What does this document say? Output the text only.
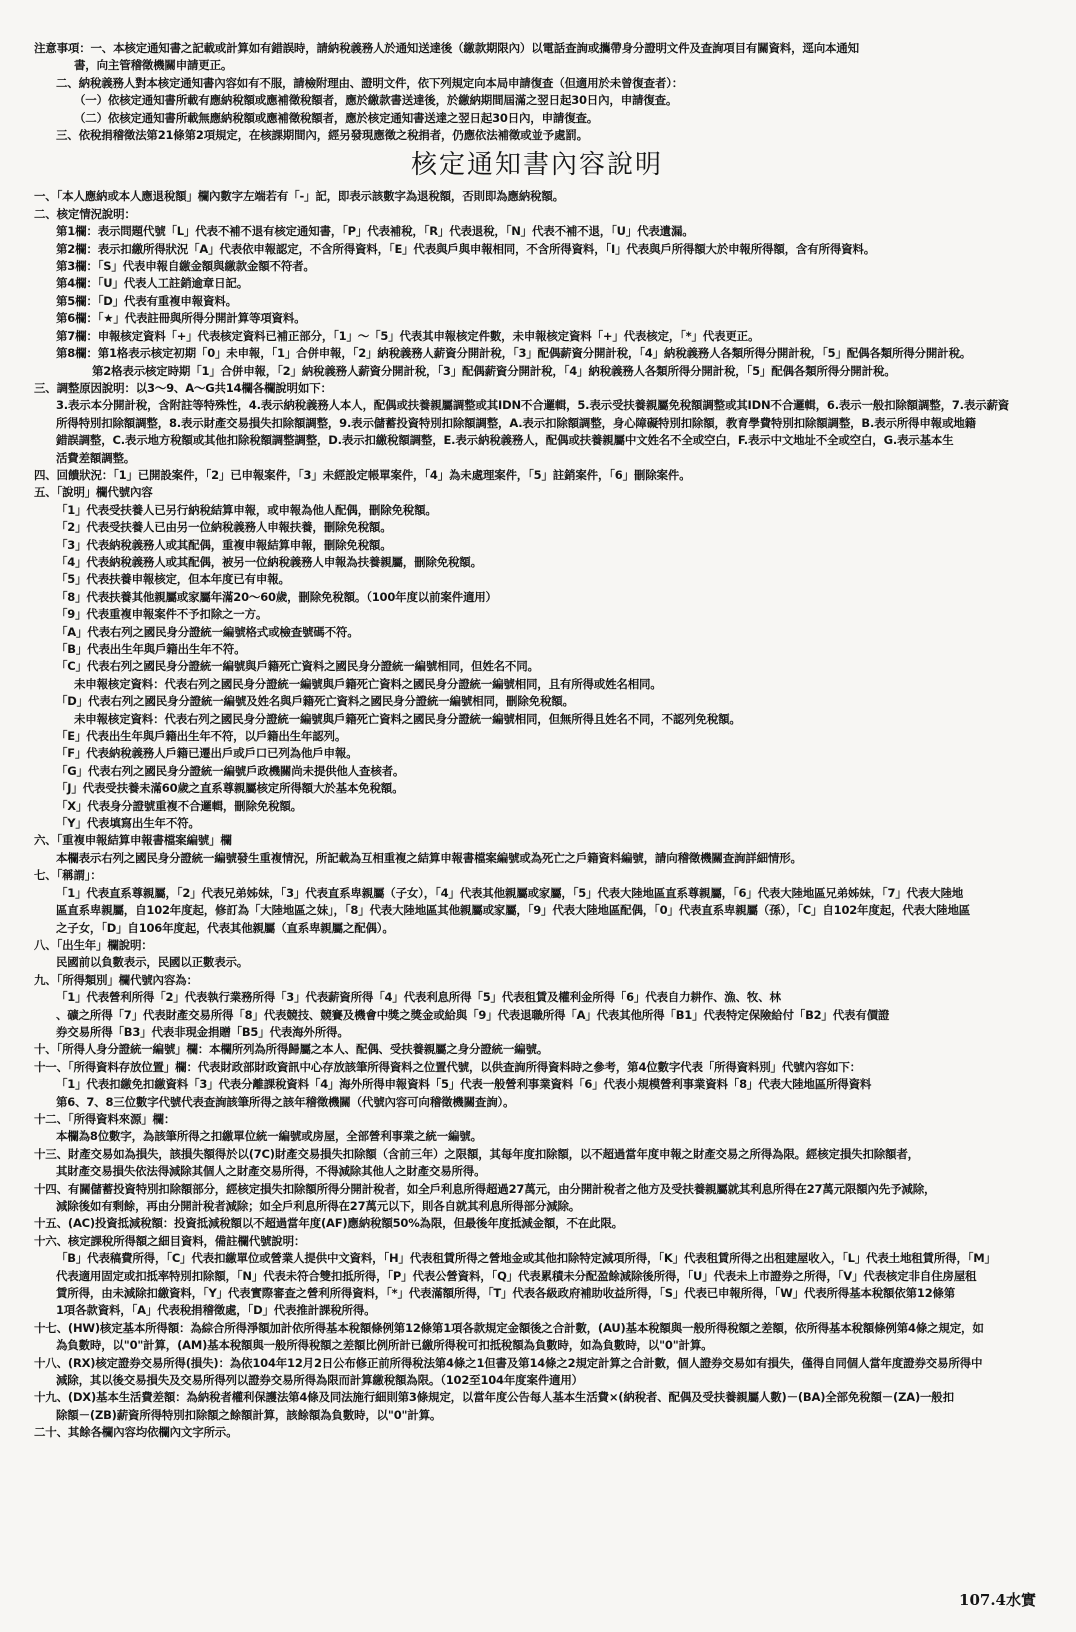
注意事項：一、本核定通知書之記載或計算如有錯誤時，請納稅義務人於通知送達後（繳款期限內）以電話查詢或攜帶身分證明文件及查詢項目有關資料，逕向本通知
書，向主管稽徵機關申請更正。
二、納稅義務人對本核定通知書內容如有不服，請檢附理由、證明文件，依下列規定向本局申請復查（但適用於未曾復查者）：
（一）依核定通知書所載有應納稅額或應補徵稅額者，應於繳款書送達後，於繳納期間屆滿之翌日起30日內，申請復查。
（二）依核定通知書所載無應納稅額或應補徵稅額者，應於核定通知書送達之翌日起30日內，申請復查。
三、依稅捐稽徵法第21條第2項規定，在核課期間內，經另發現應徵之稅捐者，仍應依法補徵或並予處罰。
核定通知書內容說明
一、「本人應納或本人應退稅額」欄內數字左端若有「-」記，即表示該數字為退稅額，否則即為應納稅額。
二、核定情況說明：
第1欄：表示問題代號「L」代表不補不退有核定通知書，「P」代表補稅，「R」代表退稅，「N」代表不補不退，「U」代表遺漏。
第2欄：表示扣繳所得狀況「A」代表依申報認定，不含所得資料，「E」代表與戶與申報相同，不含所得資料，「I」代表與戶所得額大於申報所得額，含有所得資料。
第3欄：「S」代表申報自繳金額與繳款金額不符者。
第4欄：「U」代表人工註銷逾章日記。
第5欄：「D」代表有重複申報資料。
第6欄：「★」代表註冊與所得分開計算等項資料。
第7欄：申報核定資料「+」代表核定資料已補正部分，「1」～「5」代表其申報核定件數，未申報核定資料「+」代表核定，「*」代表更正。
第8欄：第1格表示核定初期「0」未申報，「1」合併申報，「2」納稅義務人薪資分開計稅，「3」配偶薪資分開計稅，「4」納稅義務人各類所得分開計稅，「5」配偶各類所得分開計稅。
第2格表示核定時期「1」合併申報，「2」納稅義務人薪資分開計稅，「3」配偶薪資分開計稅，「4」納稅義務人各類所得分開計稅，「5」配偶各類所得分開計稅。
三、調整原因說明：以3～9、A～G共14欄各欄說明如下：
3.表示本分開計稅，含附註等特殊性，4.表示納稅義務人本人，配偶或扶養親屬調整或其IDN不合邏輯，5.表示受扶養親屬免稅額調整或其IDN不合邏輯，6.表示一般扣除額調整，7.表示薪資
所得特別扣除額調整，8.表示財產交易損失扣除額調整，9.表示儲蓄投資特別扣除額調整，A.表示扣除額調整，身心障礙特別扣除額，教育學費特別扣除額調整，B.表示所得申報或地籍
錯誤調整，C.表示地方稅額或其他扣除稅額調整調整，D.表示扣繳稅額調整，E.表示納稅義務人，配偶或扶養親屬中文姓名不全或空白，F.表示中文地址不全或空白，G.表示基本生
活費差額調整。
四、回饋狀況：「1」已開設案件，「2」已申報案件，「3」未經設定帳單案件，「4」為未處理案件，「5」註銷案件，「6」刪除案件。
五、「說明」欄代號內容
「1」代表受扶養人已另行納稅結算申報，或申報為他人配偶，刪除免稅額。
「2」代表受扶養人已由另一位納稅義務人申報扶養，刪除免稅額。
「3」代表納稅義務人或其配偶，重複申報結算申報，刪除免稅額。
「4」代表納稅義務人或其配偶，被另一位納稅義務人申報為扶養親屬，刪除免稅額。
「5」代表扶養申報核定，但本年度已有申報。
「8」代表扶養其他親屬或家屬年滿20～60歲，刪除免稅額。（100年度以前案件適用）
「9」代表重複申報案件不予扣除之一方。
「A」代表右列之國民身分證統一編號格式或檢查號碼不符。
「B」代表出生年與戶籍出生年不符。
「C」代表右列之國民身分證統一編號與戶籍死亡資料之國民身分證統一編號相同，但姓名不同。
未申報核定資料：代表右列之國民身分證統一編號與戶籍死亡資料之國民身分證統一編號相同，且有所得或姓名相同。
「D」代表右列之國民身分證統一編號及姓名與戶籍死亡資料之國民身分證統一編號相同，刪除免稅額。
未申報核定資料：代表右列之國民身分證統一編號與戶籍死亡資料之國民身分證統一編號相同，但無所得且姓名不同，不認列免稅額。
「E」代表出生年與戶籍出生年不符，以戶籍出生年認列。
「F」代表納稅義務人戶籍已遷出戶或戶口已列為他戶申報。
「G」代表右列之國民身分證統一編號戶政機關尚未提供他人查核者。
「J」代表受扶養未滿60歲之直系尊親屬核定所得額大於基本免稅額。
「X」代表身分證號重複不合邏輯，刪除免稅額。
「Y」代表填寫出生年不符。
六、「重複申報結算申報書檔案編號」欄
本欄表示右列之國民身分證統一編號發生重複情況，所記載為互相重複之結算申報書檔案編號或為死亡之戶籍資料編號，請向稽徵機關查詢詳細情形。
七、「稱謂」：
「1」代表直系尊親屬，「2」代表兄弟姊妹，「3」代表直系卑親屬（子女），「4」代表其他親屬或家屬，「5」代表大陸地區直系尊親屬，「6」代表大陸地區兄弟姊妹，「7」代表大陸地
區直系卑親屬，自102年度起，修訂為「大陸地區之妹」，「8」代表大陸地區其他親屬或家屬，「9」代表大陸地區配偶，「0」代表直系卑親屬（孫），「C」自102年度起，代表大陸地區
之子女，「D」自106年度起，代表其他親屬（直系卑親屬之配偶）。
八、「出生年」欄說明：
民國前以負數表示，民國以正數表示。
九、「所得類別」欄代號內容為：
「1」代表營利所得「2」代表執行業務所得「3」代表薪資所得「4」代表利息所得「5」代表租賃及權利金所得「6」代表自力耕作、漁、牧、林
、礦之所得「7」代表財產交易所得「8」代表競技、競賽及機會中獎之獎金或給與「9」代表退職所得「A」代表其他所得「B1」代表特定保險給付「B2」代表有價證
券交易所得「B3」代表非現金捐贈「B5」代表海外所得。
十、「所得人身分證統一編號」欄：本欄所列為所得歸屬之本人、配偶、受扶養親屬之身分證統一編號。
十一、「所得資料存放位置」欄：代表財政部財政資訊中心存放該筆所得資料之位置代號，以供查詢所得資料時之參考，第4位數字代表「所得資料別」代號內容如下：
「1」代表扣繳免扣繳資料「3」代表分離課稅資料「4」海外所得申報資料「5」代表一般營利事業資料「6」代表小規模營利事業資料「8」代表大陸地區所得資料
第6、7、8三位數字代號代表查詢該筆所得之該年稽徵機關（代號內容可向稽徵機關查詢）。
十二、「所得資料來源」欄：
本欄為8位數字，為該筆所得之扣繳單位統一編號或房屋，全部營利事業之統一編號。
十三、財產交易如為損失，該損失額得於以(7C)財產交易損失扣除額（含前三年）之限額，其每年度扣除額，以不超過當年度申報之財產交易之所得為限。經核定損失扣除額者，
其財產交易損失依法得減除其個人之財產交易所得，不得減除其他人之財產交易所得。
十四、有關儲蓄投資特別扣除額部分，經核定損失扣除額所得分開計稅者，如全戶利息所得超過27萬元，由分開計稅者之他方及受扶養親屬就其利息所得在27萬元限額內先予減除，
減除後如有剩餘，再由分開計稅者減除；如全戶利息所得在27萬元以下，則各自就其利息所得部分減除。
十五、(AC)投資抵減稅額：投資抵減稅額以不超過當年度(AF)應納稅額50%為限，但最後年度抵減金額，不在此限。
十六、核定課稅所得額之細目資料，備註欄代號說明：
「B」代表稿費所得，「C」代表扣繳單位或營業人提供中文資料，「H」代表租賃所得之營地金或其他扣除特定減項所得，「K」代表租賃所得之出租建屋收入，「L」代表土地租賃所得，「M」
代表適用固定或扣抵率特別扣除額，「N」代表未符合雙扣抵所得，「P」代表公營資料，「Q」代表累積未分配盈餘減除後所得，「U」代表未上市證券之所得，「V」代表核定非自住房屋租
賃所得，由未減除扣繳資料，「Y」代表實際審查之營利所得資料，「*」代表滿額所得，「T」代表各級政府補助收益所得，「S」代表已申報所得，「W」代表所得基本稅額依第12條第
1項各款資料，「A」代表稅捐稽徵處，「D」代表推計課稅所得。
十七、(HW)核定基本所得額：為綜合所得淨額加計依所得基本稅額條例第12條第1項各款規定金額後之合計數，(AU)基本稅額與一般所得稅額之差額，依所得基本稅額條例第4條之規定，如
為負數時，以"0"計算，(AM)基本稅額與一般所得稅額之差額比例所計已繳所得稅可扣抵稅額為負數時，如為負數時，以"0"計算。
十八、(RX)核定證券交易所得(損失)：為依104年12月2日公布修正前所得稅法第4條之1但書及第14條之2規定計算之合計數，個人證券交易如有損失，僅得自同個人當年度證券交易所得中
減除，其以後交易損失及交易所得列以證券交易所得為限而計算繳稅額為限。（102至104年度案件適用）
十九、(DX)基本生活費差額：為納稅者權利保護法第4條及同法施行細則第3條規定，以當年度公告每人基本生活費×(納稅者、配偶及受扶養親屬人數)－(BA)全部免稅額－(ZA)一般扣
除額－(ZB)薪資所得特別扣除額之餘額計算，該餘額為負數時，以"0"計算。
二十、其餘各欄內容均依欄內文字所示。
107.4水實
